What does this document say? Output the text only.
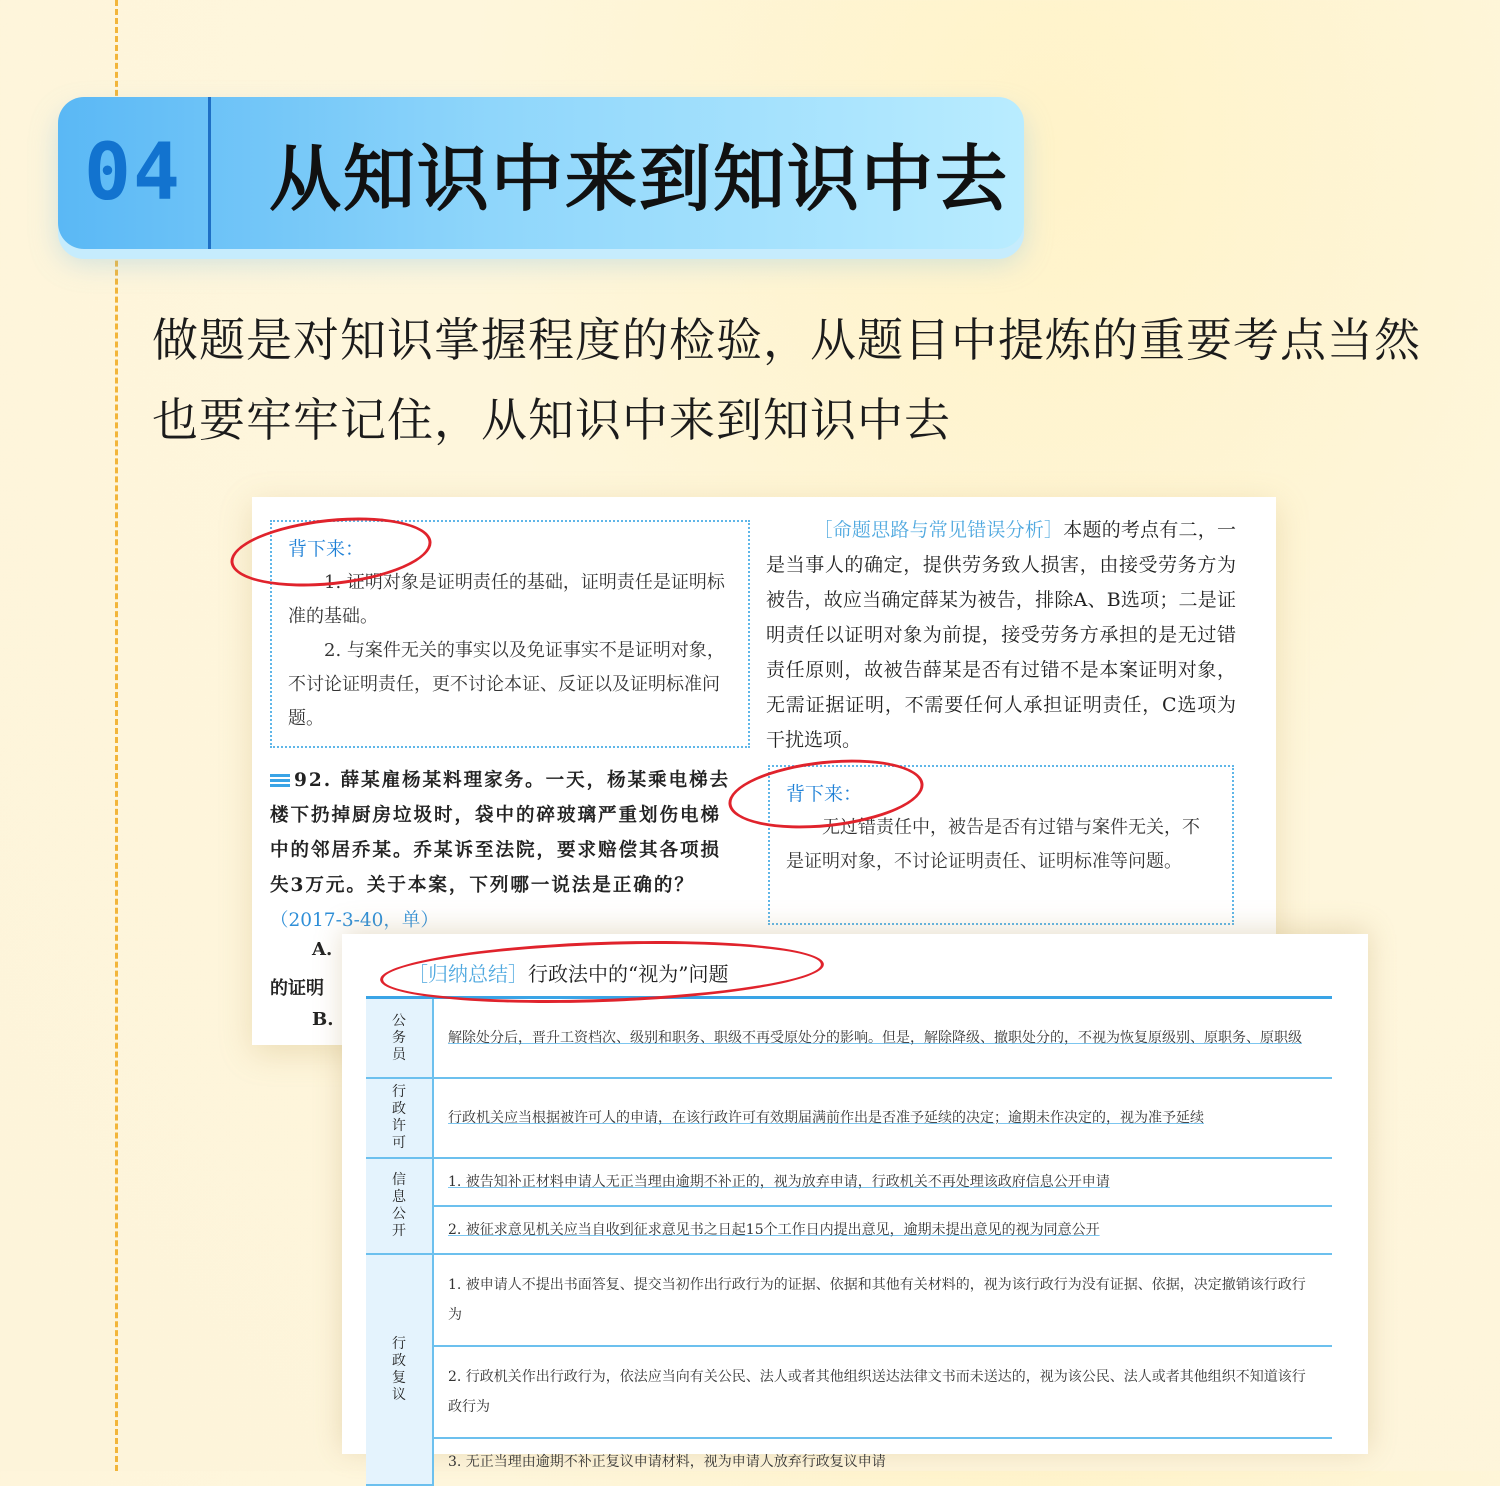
04	从知识中来到知识中去
做题是对知识掌握程度的检验，从题目中提炼的重要考点当然也要牢牢记住，从知识中来到知识中去
背下来：

1. 证明对象是证明责任的基础，证明责任是证明标准的基础。

2. 与案件无关的事实以及免证事实不是证明对象，不讨论证明责任，更不讨论本证、反证以及证明标准问题。

［命题思路与常见错误分析］本题的考点有二，一是当事人的确定，提供劳务致人损害，由接受劳务方为被告，故应当确定薛某为被告，排除A、B选项；二是证明责任以证明对象为前提，接受劳务方承担的是无过错责任原则，故被告薛某是否有过错不是本案证明对象，无需证据证明，不需要任何人承担证明责任，C选项为干扰选项。
背下来：

无过错责任中，被告是否有过错与案件无关，不是证明对象，不讨论证明责任、证明标准等问题。

92. 薛某雇杨某料理家务。一天，杨某乘电梯去楼下扔掉厨房垃圾时，袋中的碎玻璃严重划伤电梯中的邻居乔某。乔某诉至法院，要求赔偿其各项损失3万元。关于本案，下列哪一说法是正确的？（2017-3-40，单）
A.
的证明
B.
［归纳总结］行政法中的“视为”问题
公务员	解除处分后，晋升工资档次、级别和职务、职级不再受原处分的影响。但是，解除降级、撤职处分的，不视为恢复原级别、原职务、原职级
行政许可	行政机关应当根据被许可人的申请，在该行政许可有效期届满前作出是否准予延续的决定；逾期未作决定的，视为准予延续
信息公开	1. 被告知补正材料申请人无正当理由逾期不补正的，视为放弃申请，行政机关不再处理该政府信息公开申请
	2. 被征求意见机关应当自收到征求意见书之日起15个工作日内提出意见，逾期未提出意见的视为同意公开
行政复议	1. 被申请人不提出书面答复、提交当初作出行政行为的证据、依据和其他有关材料的，视为该行政行为没有证据、依据，决定撤销该行政行为
	2. 行政机关作出行政行为，依法应当向有关公民、法人或者其他组织送达法律文书而未送达的，视为该公民、法人或者其他组织不知道该行政行为
	3. 无正当理由逾期不补正复议申请材料，视为申请人放弃行政复议申请
